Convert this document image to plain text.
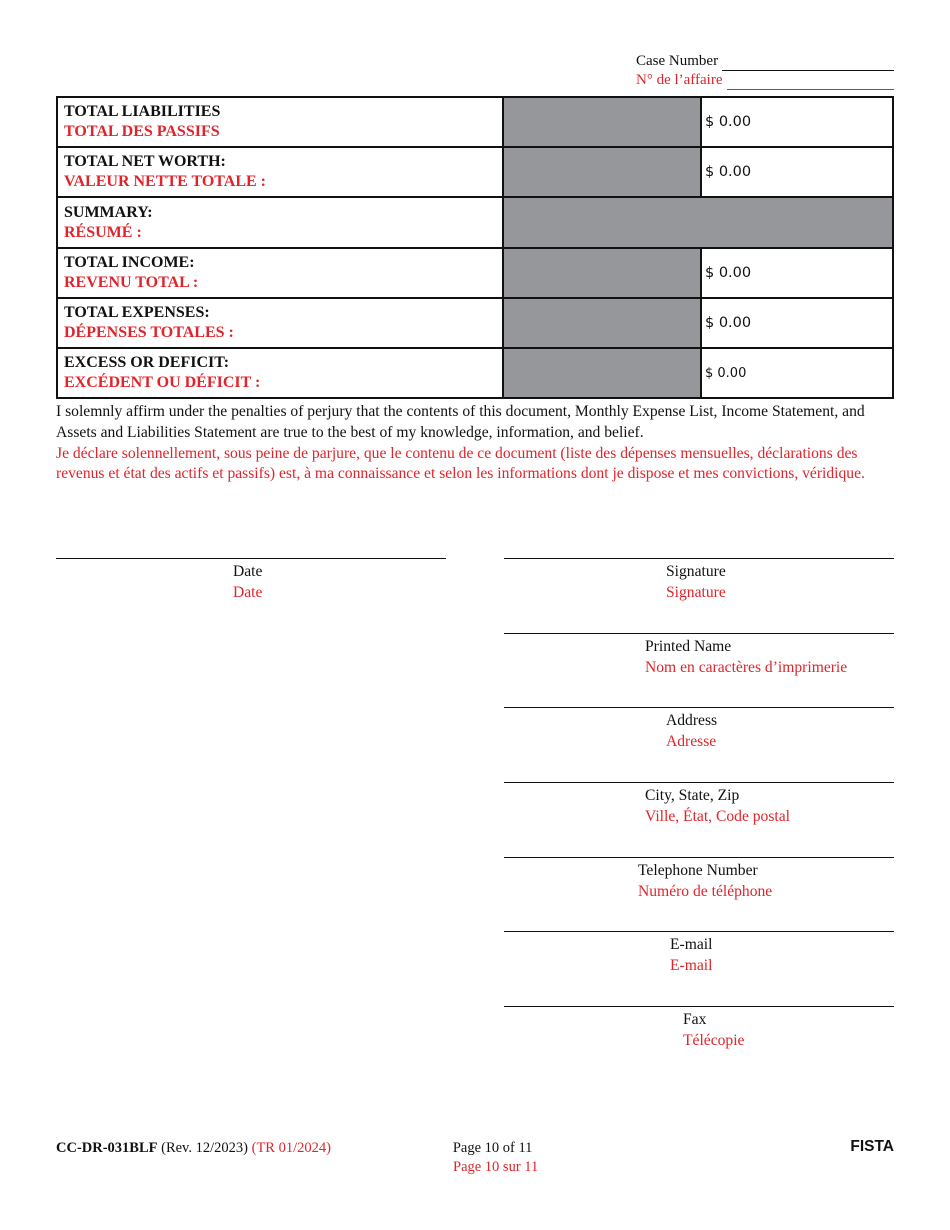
Case Number
N° de l’affaire
TOTAL LIABILITIES
TOTAL DES PASSIFS		$ 0.00

TOTAL NET WORTH:
VALEUR NETTE TOTALE :		$ 0.00

SUMMARY:
RÉSUMÉ :		

TOTAL INCOME:
REVENU TOTAL :		$ 0.00

TOTAL EXPENSES:
DÉPENSES TOTALES :		$ 0.00

EXCESS OR DEFICIT:
EXCÉDENT OU DÉFICIT :		$ 0.00
I solemnly affirm under the penalties of perjury that the contents of this document, Monthly Expense List, Income Statement, and Assets and Liabilities Statement are true to the best of my knowledge, information, and belief.
Je déclare solennellement, sous peine de parjure, que le contenu de ce document (liste des dépenses mensuelles, déclarations des revenus et état des actifs et passifs) est, à ma connaissance et selon les informations dont je dispose et mes convictions, véridique.
Date
Date
Signature
Signature
Printed Name
Nom en caractères d’imprimerie
Address
Adresse
City, State, Zip
Ville, État, Code postal
Telephone Number
Numéro de téléphone
E-mail
E-mail
Fax
Télécopie
CC-DR-031BLF (Rev. 12/2023) (TR 01/2024)	Page 10 of 11
Page 10 sur 11
FISTA
